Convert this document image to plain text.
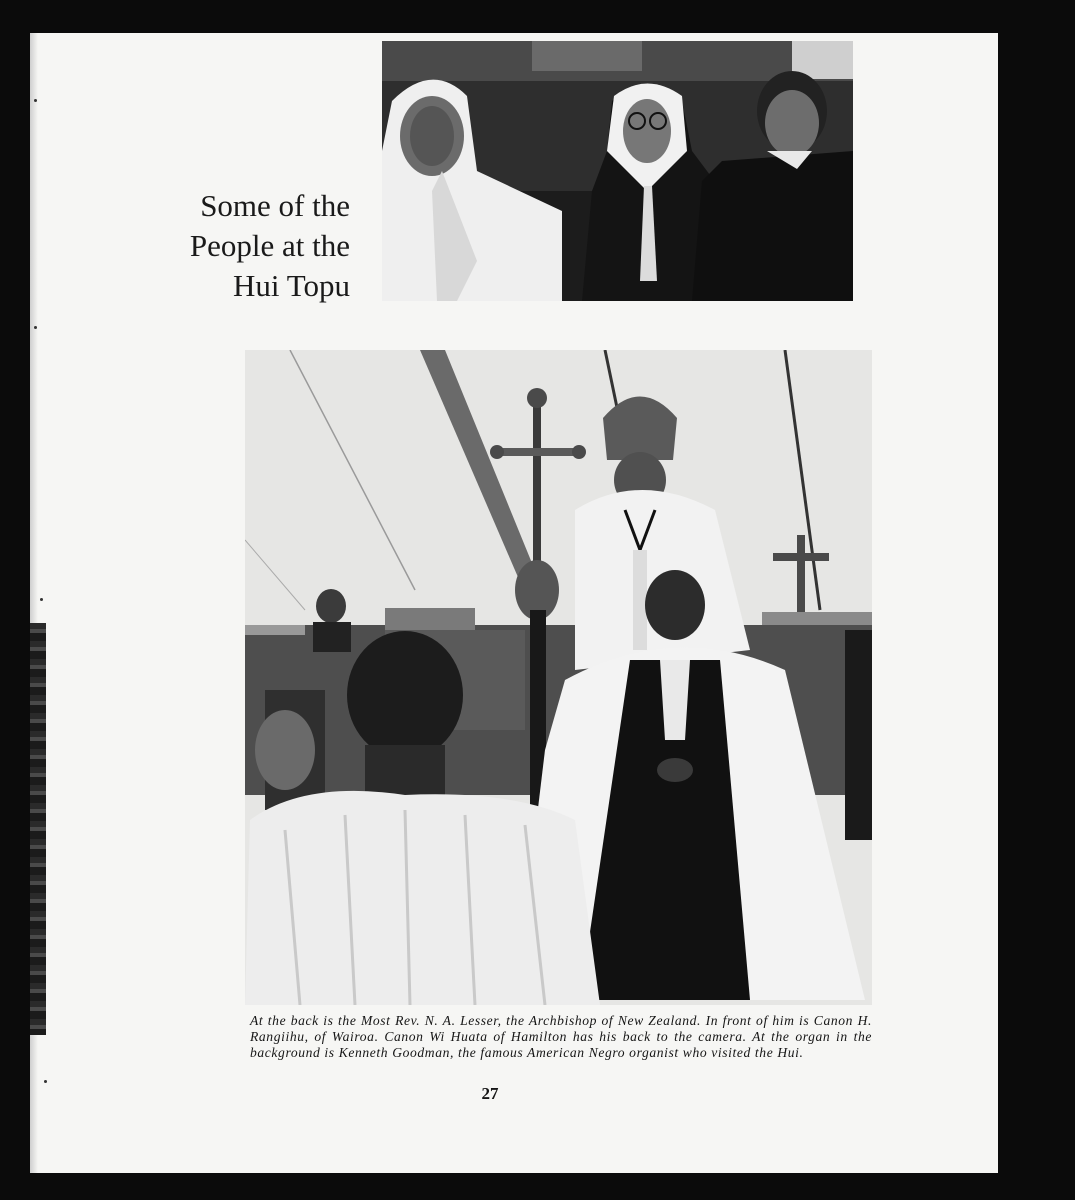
Some of the
People at the
Hui Topu
At the back is the Most Rev. N. A. Lesser, the Archbishop of New Zealand. In front of him is Canon H. Rangiihu, of Wairoa. Canon Wi Huata of Hamilton has his back to the camera. At the organ in the background is Kenneth Goodman, the famous American Negro organist who visited the Hui.
27
